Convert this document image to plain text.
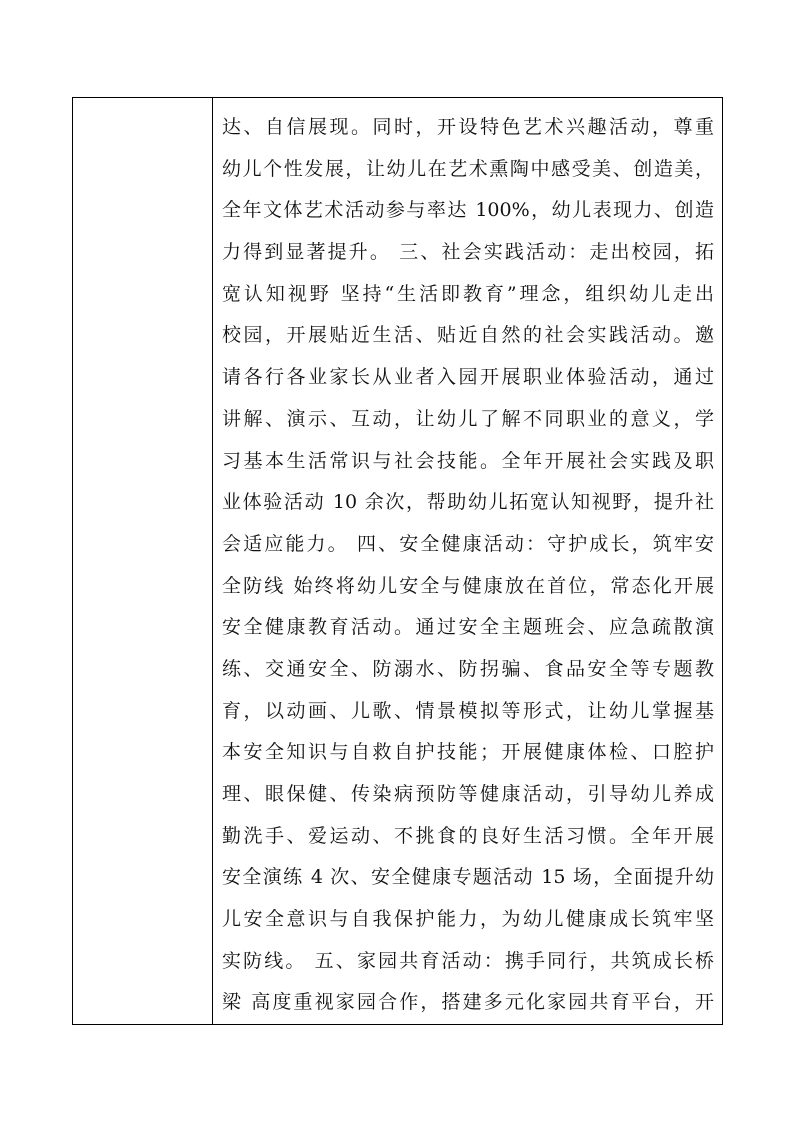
达、自信展现。同时，开设特色艺术兴趣活动，尊重
幼儿个性发展，让幼儿在艺术熏陶中感受美、创造美，
全年文体艺术活动参与率达 100%，幼儿表现力、创造
力得到显著提升。 三、社会实践活动：走出校园，拓
宽认知视野 坚持“生活即教育”理念，组织幼儿走出
校园，开展贴近生活、贴近自然的社会实践活动。邀
请各行各业家长从业者入园开展职业体验活动，通过
讲解、演示、互动，让幼儿了解不同职业的意义，学
习基本生活常识与社会技能。全年开展社会实践及职
业体验活动 10 余次，帮助幼儿拓宽认知视野，提升社
会适应能力。 四、安全健康活动：守护成长，筑牢安
全防线 始终将幼儿安全与健康放在首位，常态化开展
安全健康教育活动。通过安全主题班会、应急疏散演
练、交通安全、防溺水、防拐骗、食品安全等专题教
育，以动画、儿歌、情景模拟等形式，让幼儿掌握基
本安全知识与自救自护技能；开展健康体检、口腔护
理、眼保健、传染病预防等健康活动，引导幼儿养成
勤洗手、爱运动、不挑食的良好生活习惯。全年开展
安全演练 4 次、安全健康专题活动 15 场，全面提升幼
儿安全意识与自我保护能力，为幼儿健康成长筑牢坚
实防线。 五、家园共育活动：携手同行，共筑成长桥
梁 高度重视家园合作，搭建多元化家园共育平台，开
